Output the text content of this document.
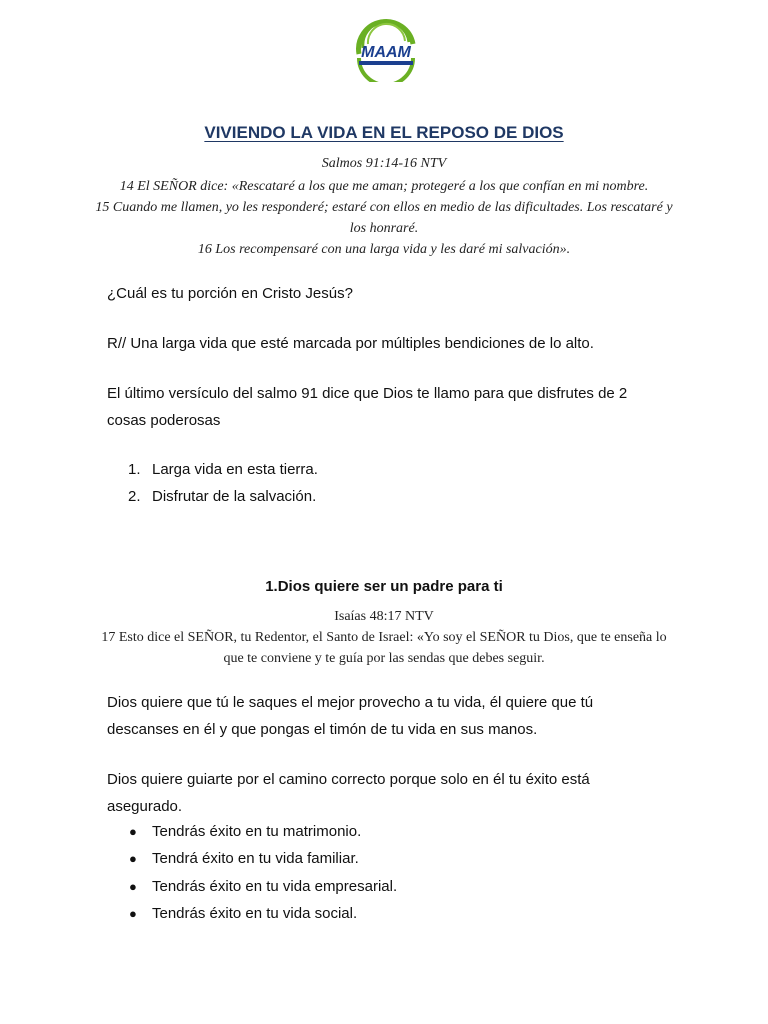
MAAM
VIVIENDO LA VIDA EN EL REPOSO DE DIOS
Salmos 91:14-16 NTV
14 El SEÑOR dice: «Rescataré a los que me aman; protegeré a los que confían en mi nombre.
15 Cuando me llamen, yo les responderé; estaré con ellos en medio de las dificultades. Los rescataré y
los honraré.
16 Los recompensaré con una larga vida y les daré mi salvación».
¿Cuál es tu porción en Cristo Jesús?
R// Una larga vida que esté marcada por múltiples bendiciones de lo alto.
El último versículo del salmo 91 dice que Dios te llamo para que disfrutes de 2 cosas poderosas
1. Larga vida en esta tierra.
2. Disfrutar de la salvación.
1.Dios quiere ser un padre para ti
Isaías 48:17 NTV
17 Esto dice el SEÑOR, tu Redentor, el Santo de Israel: «Yo soy el SEÑOR tu Dios, que te enseña lo
que te conviene y te guía por las sendas que debes seguir.
Dios quiere que tú le saques el mejor provecho a tu vida, él quiere que tú descanses en él y que pongas el timón de tu vida en sus manos.
Dios quiere guiarte por el camino correcto porque solo en él tu éxito está asegurado.
● Tendrás éxito en tu matrimonio.
● Tendrá éxito en tu vida familiar.
● Tendrás éxito en tu vida empresarial.
● Tendrás éxito en tu vida social.
